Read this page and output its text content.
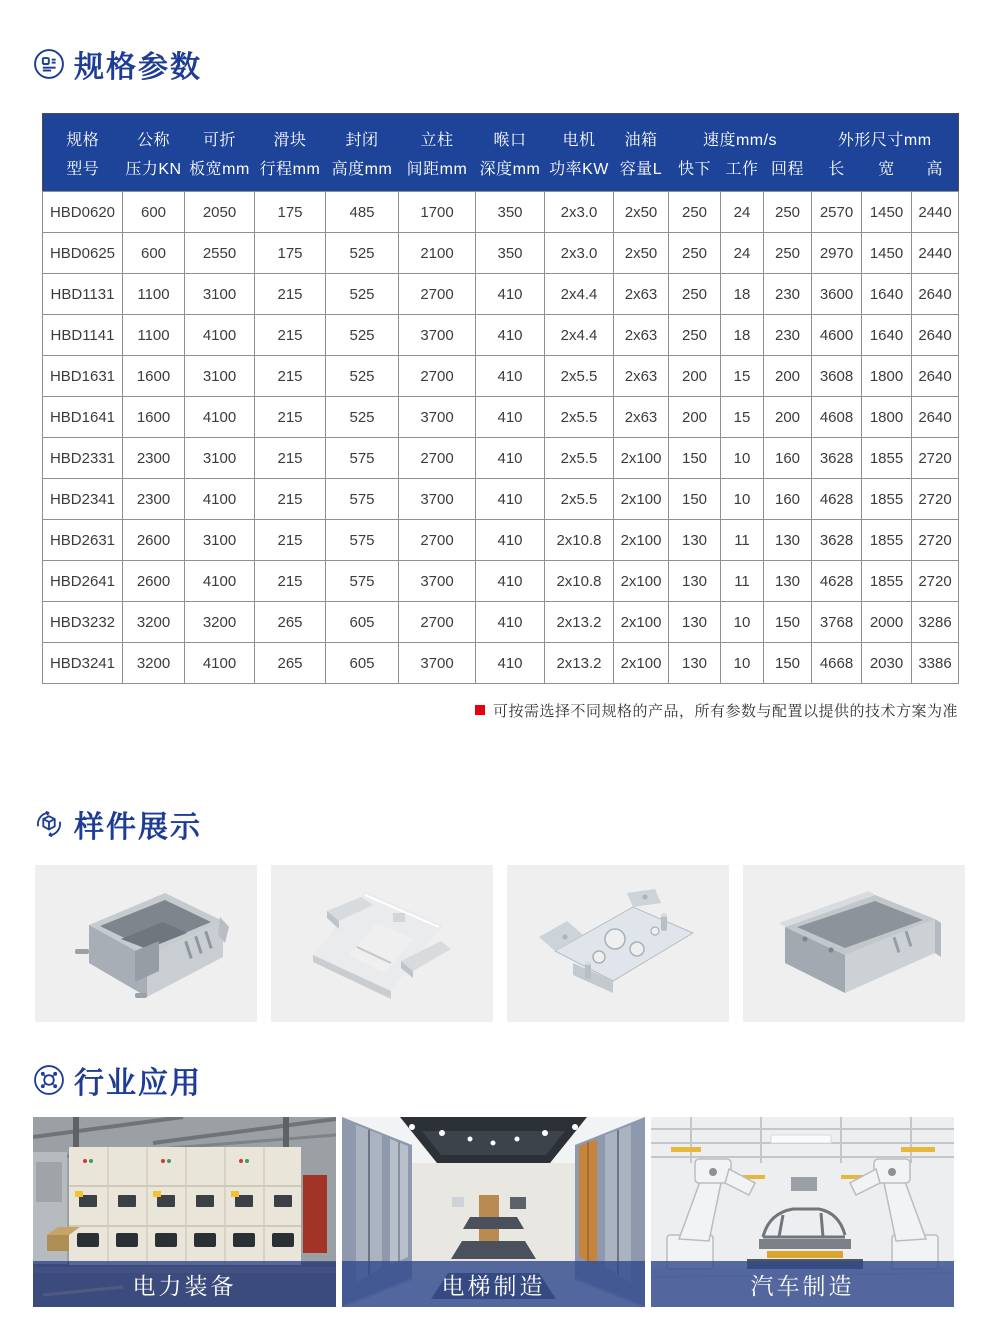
规格参数
规格	公称	可折	滑块	封闭	立柱	喉口	电机	油箱	速度mm/s			外形尺寸mm		
型号	压力KN	板宽mm	行程mm	高度mm	间距mm	深度mm	功率KW	容量L	快下	工作	回程	长	宽	高
HBD0620	600	2050	175	485	1700	350	2x3.0	2x50	250	24	250	2570	1450	2440
HBD0625	600	2550	175	525	2100	350	2x3.0	2x50	250	24	250	2970	1450	2440
HBD1131	1100	3100	215	525	2700	410	2x4.4	2x63	250	18	230	3600	1640	2640
HBD1141	1100	4100	215	525	3700	410	2x4.4	2x63	250	18	230	4600	1640	2640
HBD1631	1600	3100	215	525	2700	410	2x5.5	2x63	200	15	200	3608	1800	2640
HBD1641	1600	4100	215	525	3700	410	2x5.5	2x63	200	15	200	4608	1800	2640
HBD2331	2300	3100	215	575	2700	410	2x5.5	2x100	150	10	160	3628	1855	2720
HBD2341	2300	4100	215	575	3700	410	2x5.5	2x100	150	10	160	4628	1855	2720
HBD2631	2600	3100	215	575	2700	410	2x10.8	2x100	130	11	130	3628	1855	2720
HBD2641	2600	4100	215	575	3700	410	2x10.8	2x100	130	11	130	4628	1855	2720
HBD3232	3200	3200	265	605	2700	410	2x13.2	2x100	130	10	150	3768	2000	3286
HBD3241	3200	4100	265	605	3700	410	2x13.2	2x100	130	10	150	4668	2030	3386
可按需选择不同规格的产品，所有参数与配置以提供的技术方案为准
样件展示
行业应用
电力装备	电梯制造	汽车制造
